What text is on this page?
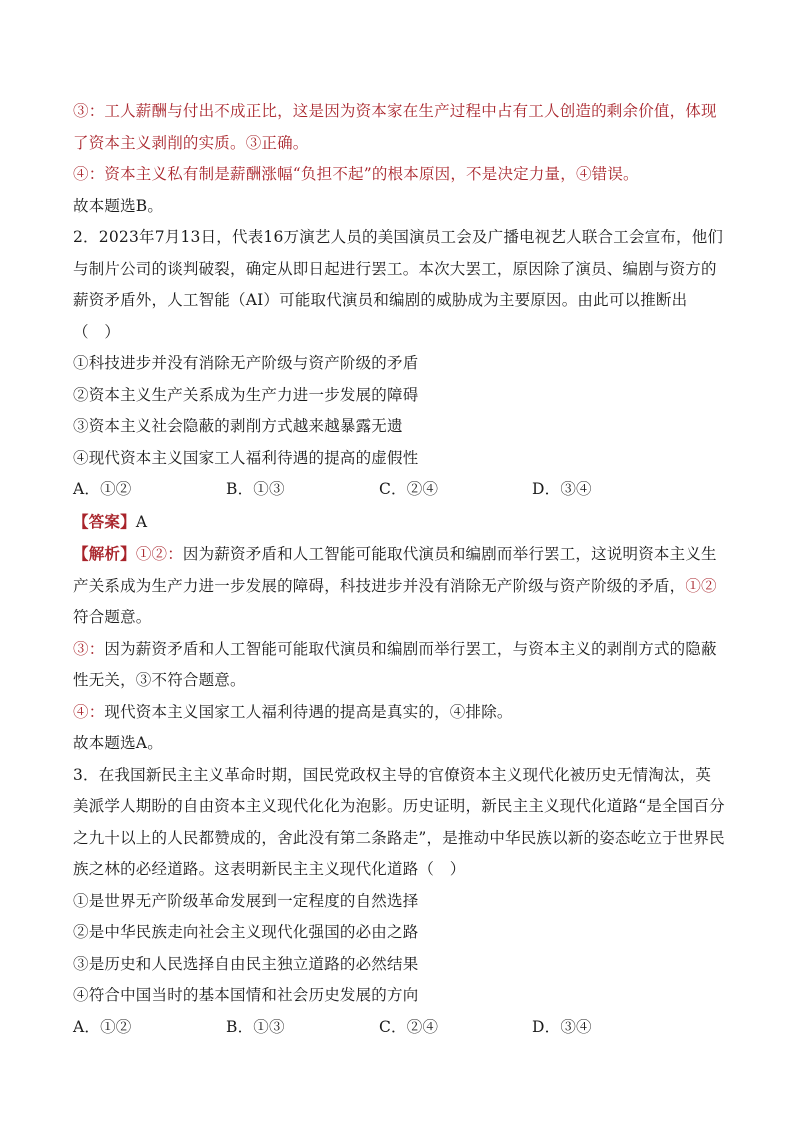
③：工人薪酬与付出不成正比，这是因为资本家在生产过程中占有工人创造的剩余价值，体现了资本主义剥削的实质。③正确。

④：资本主义私有制是薪酬涨幅“负担不起”的根本原因，不是决定力量，④错误。

故本题选B。

2．2023年7月13日，代表16万演艺人员的美国演员工会及广播电视艺人联合工会宣布，他们与制片公司的谈判破裂，确定从即日起进行罢工。本次大罢工，原因除了演员、编剧与资方的薪资矛盾外，人工智能（AI）可能取代演员和编剧的威胁成为主要原因。由此可以推断出（　）

①科技进步并没有消除无产阶级与资产阶级的矛盾

②资本主义生产关系成为生产力进一步发展的障碍

③资本主义社会隐蔽的剥削方式越来越暴露无遗

④现代资本主义国家工人福利待遇的提高的虚假性

A．①②	B．①③	C．②④	D．③④

【答案】A

【解析】①②：因为薪资矛盾和人工智能可能取代演员和编剧而举行罢工，这说明资本主义生产关系成为生产力进一步发展的障碍，科技进步并没有消除无产阶级与资产阶级的矛盾，①②符合题意。

③：因为薪资矛盾和人工智能可能取代演员和编剧而举行罢工，与资本主义的剥削方式的隐蔽性无关，③不符合题意。

④：现代资本主义国家工人福利待遇的提高是真实的，④排除。

故本题选A。

3．在我国新民主主义革命时期，国民党政权主导的官僚资本主义现代化被历史无情淘汰，英美派学人期盼的自由资本主义现代化化为泡影。历史证明，新民主主义现代化道路“是全国百分之九十以上的人民都赞成的，舍此没有第二条路走”，是推动中华民族以新的姿态屹立于世界民族之林的必经道路。这表明新民主主义现代化道路（　）

①是世界无产阶级革命发展到一定程度的自然选择

②是中华民族走向社会主义现代化强国的必由之路

③是历史和人民选择自由民主独立道路的必然结果

④符合中国当时的基本国情和社会历史发展的方向

A．①②	B．①③	C．②④	D．③④
